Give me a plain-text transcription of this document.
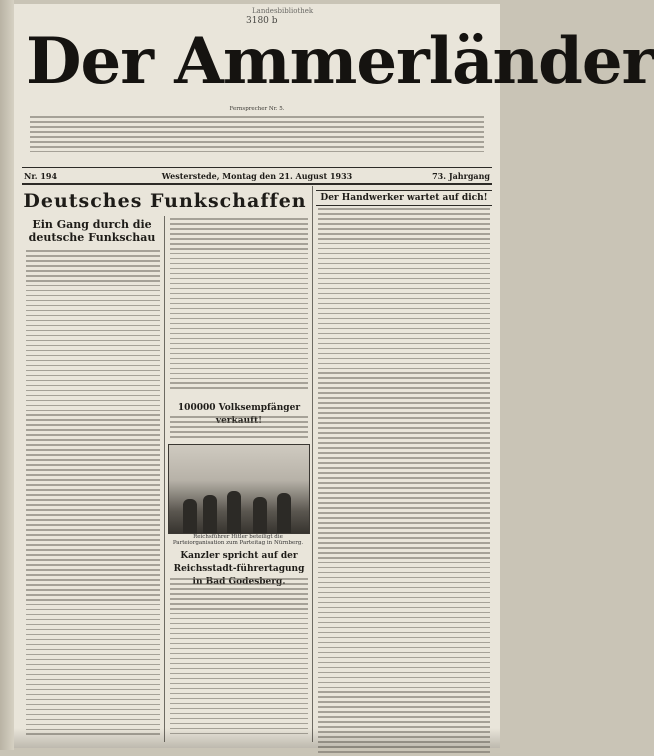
Landesbibliothek
3180 b
Der Ammerländer
Fernsprecher Nr. 5.
Nr. 194	Westerstede, Montag den 21. August 1933	73. Jahrgang
Deutsches Funkschaffen
Ein Gang durch die deutsche Funkschau
100000 Volksempfänger
Reichsführer Hitler beteiligt die Parteiorganisation zum Parteitag in Nürnberg.
Kanzler spricht auf der Reichsstadt-führertagung
Der Handwerker wartet auf dich!
